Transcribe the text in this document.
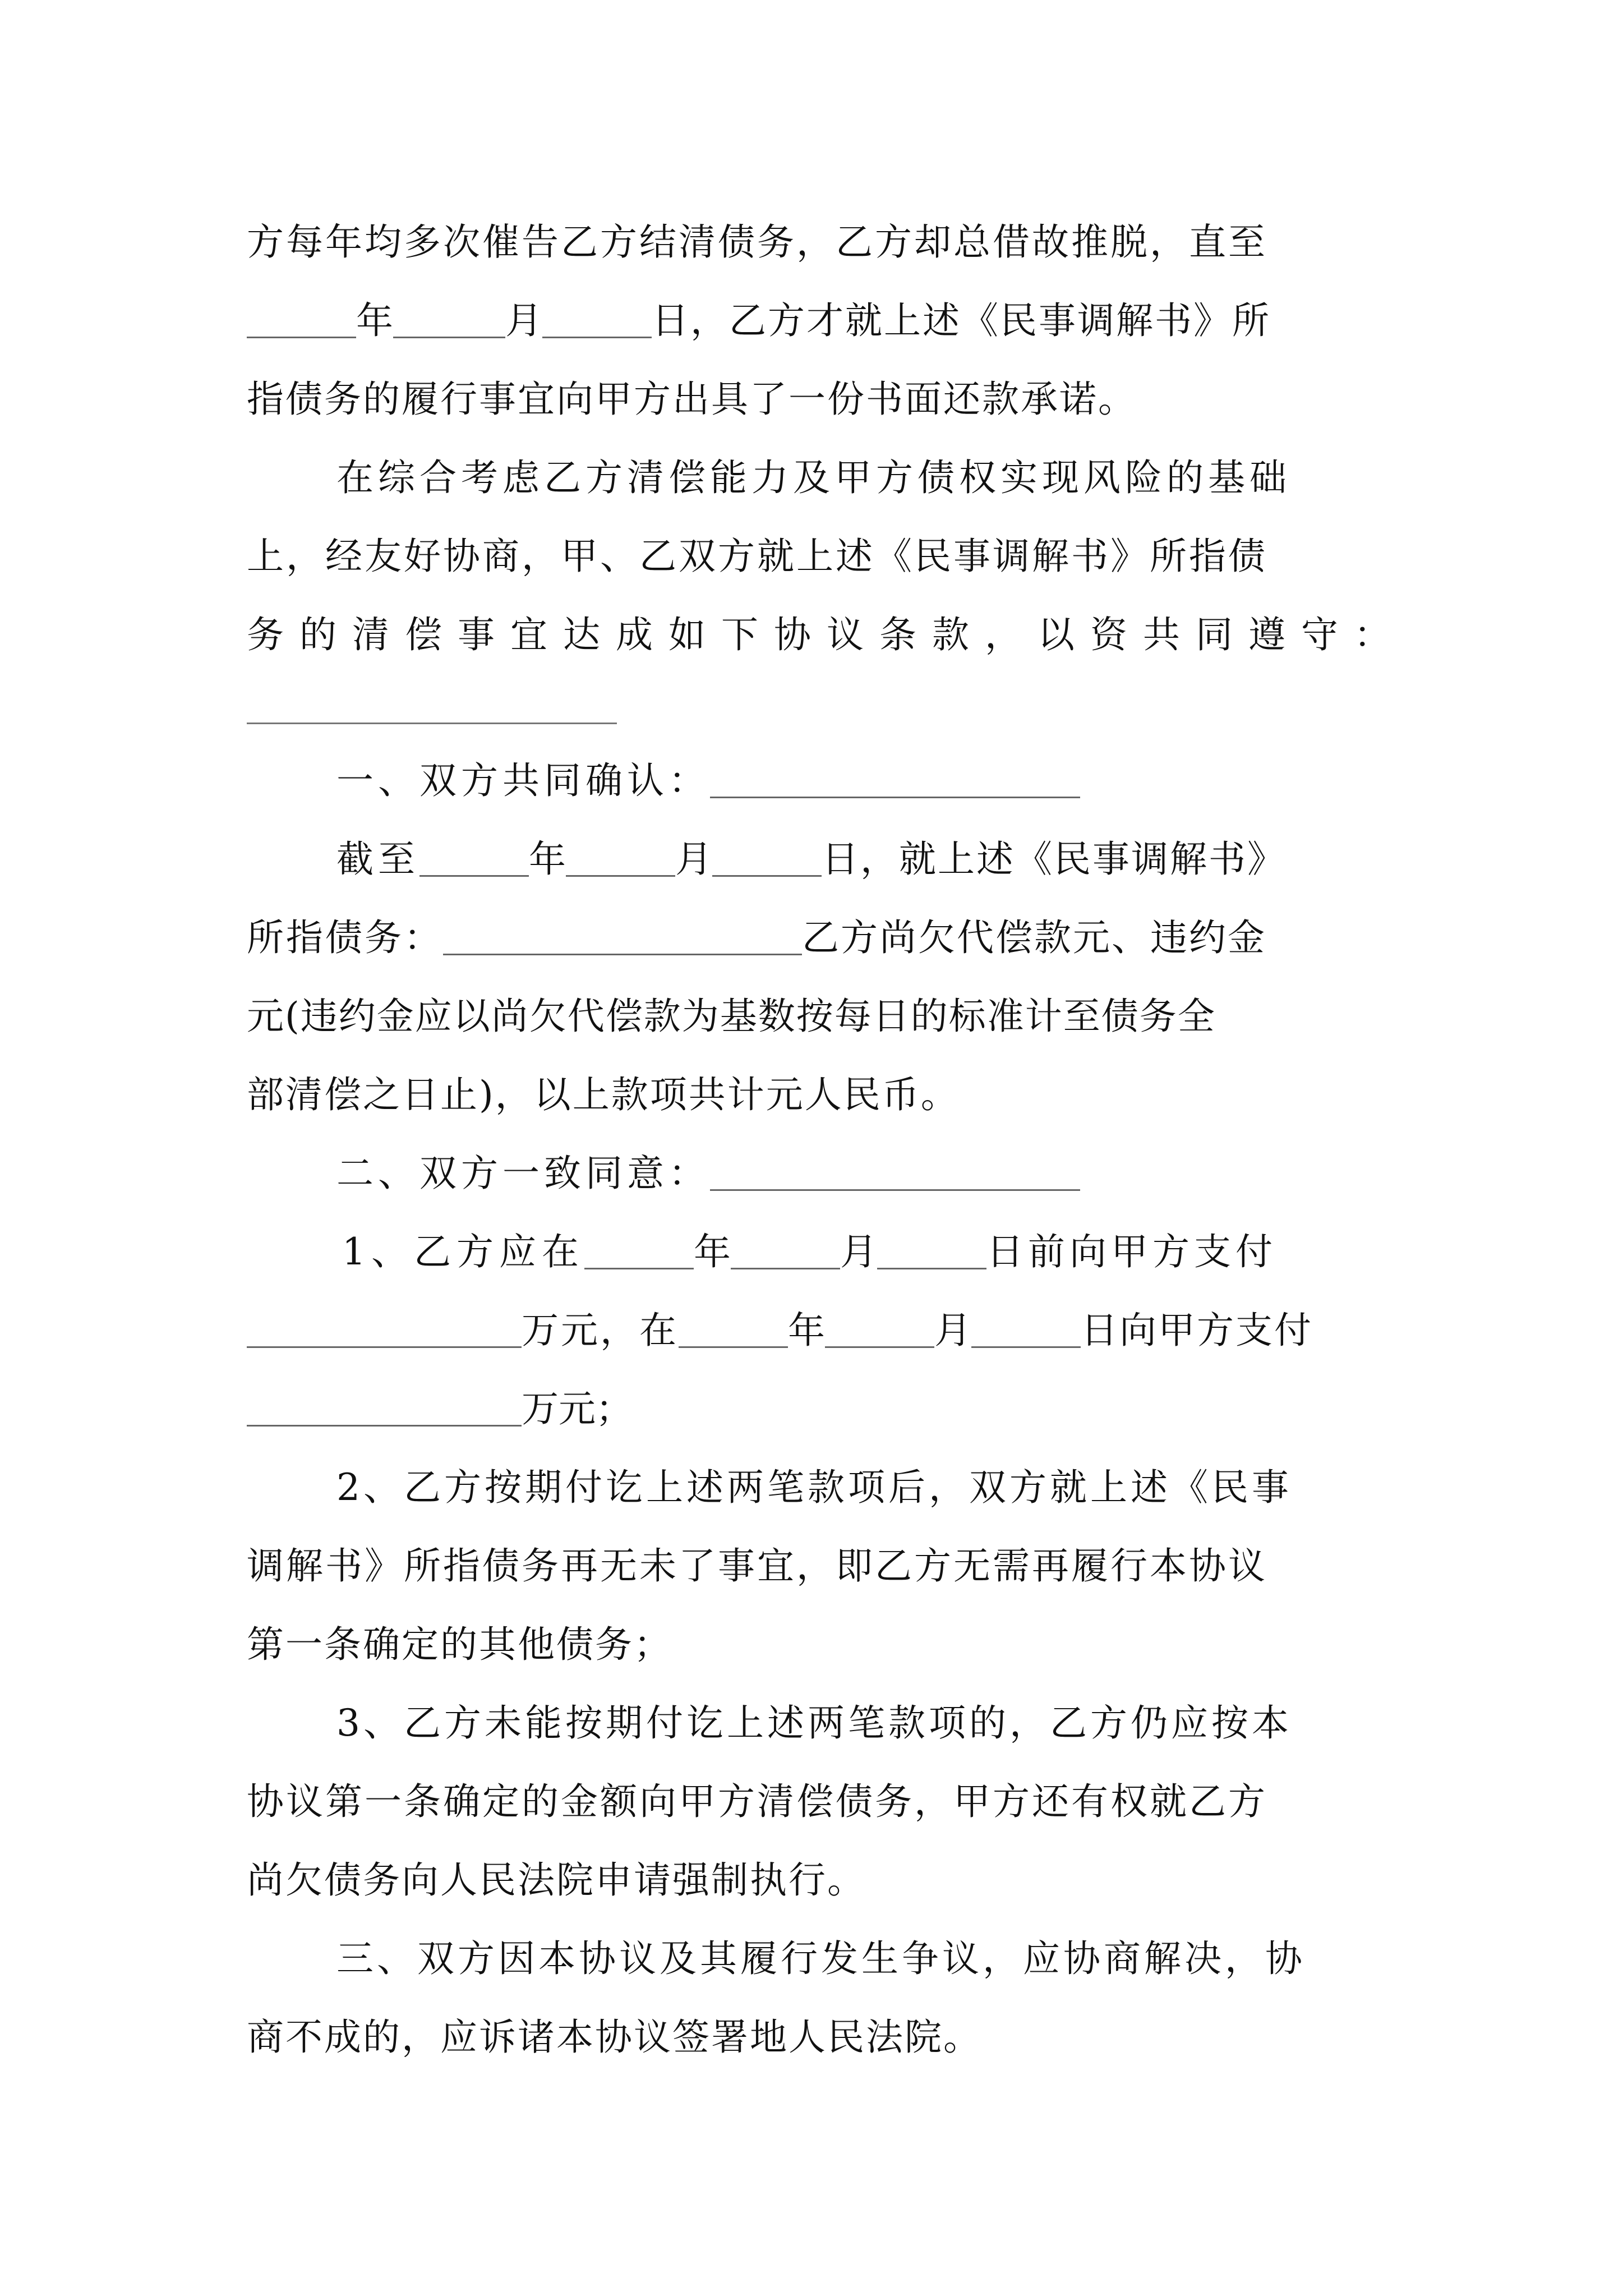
方每年均多次催告乙方结清债务，乙方却总借故推脱，直至
年	月	日，乙方才就上述《民事调解书》所
指债务的履行事宜向甲方出具了一份书面还款承诺。
在综合考虑乙方清偿能力及甲方债权实现风险的基础
上，经友好协商，甲、乙双方就上述《民事调解书》所指债
务的清偿事宜达成如下协议条款，以资共同遵守：
一、双方共同确认：
截至	年	月	日，就上述《民事调解书》
所指债务：	乙方尚欠代偿款元、违约金
元(违约金应以尚欠代偿款为基数按每日的标准计至债务全
部清偿之日止)，以上款项共计元人民币。
二、双方一致同意：
1、乙方应在	年	月	日前向甲方支付
万元，在	年	月	日向甲方支付
万元；
2、乙方按期付讫上述两笔款项后，双方就上述《民事
调解书》所指债务再无未了事宜，即乙方无需再履行本协议
第一条确定的其他债务；
3、乙方未能按期付讫上述两笔款项的，乙方仍应按本
协议第一条确定的金额向甲方清偿债务，甲方还有权就乙方
尚欠债务向人民法院申请强制执行。
三、双方因本协议及其履行发生争议，应协商解决，协
商不成的，应诉诸本协议签署地人民法院。
